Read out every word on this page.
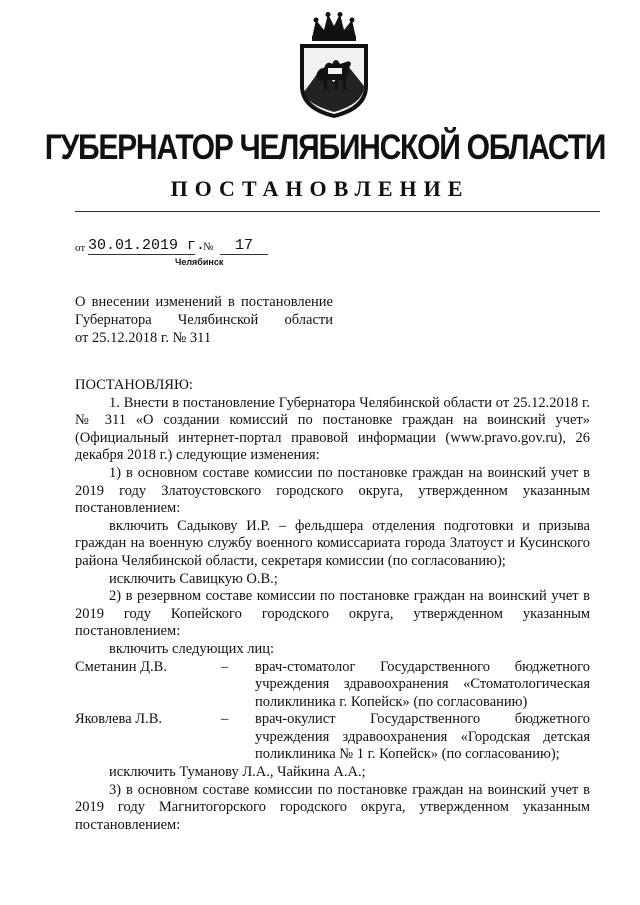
ГУБЕРНАТОР ЧЕЛЯБИНСКОЙ ОБЛАСТИ
ПОСТАНОВЛЕНИЕ
от 30.01.2019 г.
№	17
Челябинск
О внесении изменений в постановление
Губернатора Челябинской области
от 25.12.2018 г. № 311
ПОСТАНОВЛЯЮ:
1. Внести в постановление Губернатора Челябинской области от 25.12.2018 г. № 311 «О создании комиссий по постановке граждан на воинский учет» (Официальный интернет-портал правовой информации (www.pravo.gov.ru), 26 декабря 2018 г.) следующие изменения:
1) в основном составе комиссии по постановке граждан на воинский учет в 2019 году Златоустовского городского округа, утвержденном указанным постановлением:
включить Садыкову И.Р. – фельдшера отделения подготовки и призыва граждан на военную службу военного комиссариата города Златоуст и Кусинского района Челябинской области, секретаря комиссии (по согласованию);
исключить Савицкую О.В.;
2) в резервном составе комиссии по постановке граждан на воинский учет в 2019 году Копейского городского округа, утвержденном указанным постановлением:
включить следующих лиц:
Сметанин Д.В.	– врач-стоматолог Государственного бюджетного учреждения здравоохранения «Стоматологическая поликлиника г. Копейск» (по согласованию)
Яковлева Л.В.	– врач-окулист Государственного бюджетного учреждения здравоохранения «Городская детская поликлиника № 1 г. Копейск» (по согласованию);
исключить Туманову Л.А., Чайкина А.А.;
3) в основном составе комиссии по постановке граждан на воинский учет в 2019 году Магнитогорского городского округа, утвержденном указанным постановлением:
